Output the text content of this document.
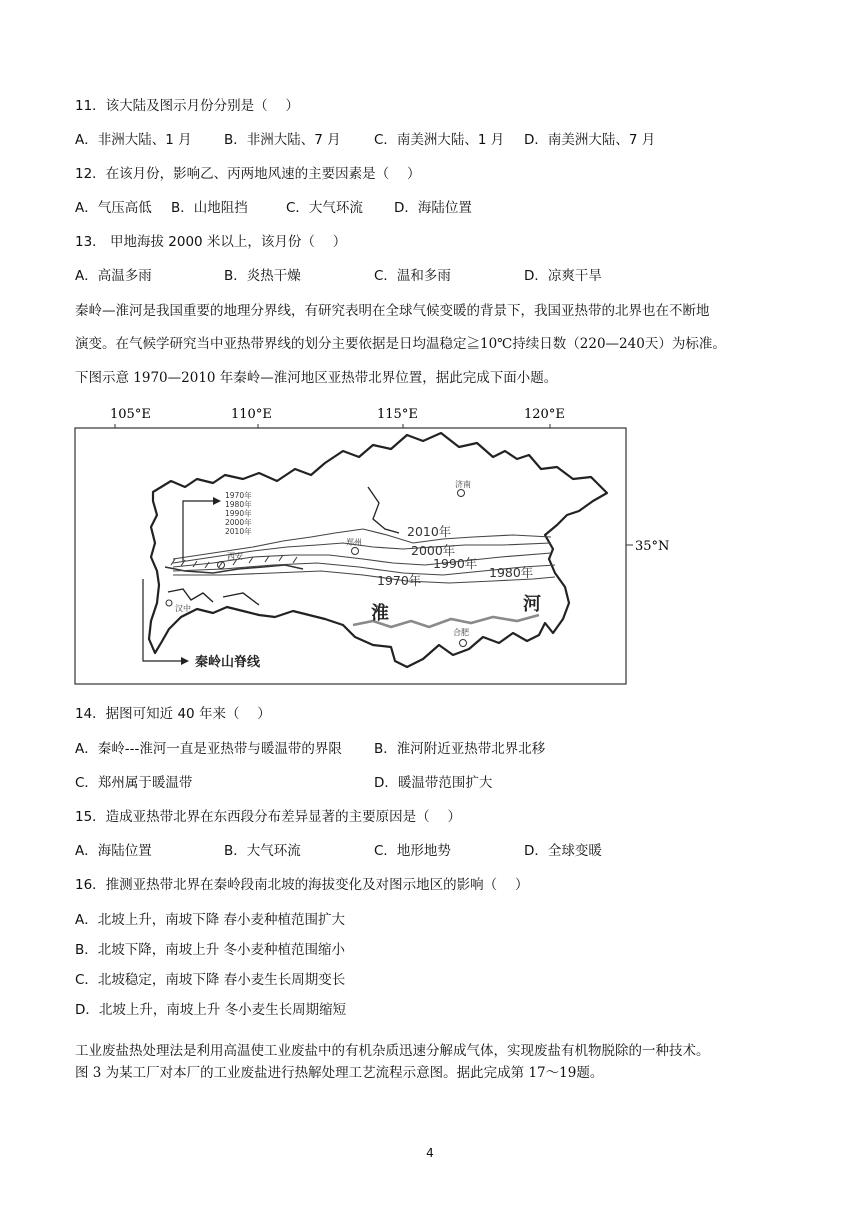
11．该大陆及图示月份分别是（　 ）
A．非洲大陆、1 月 B．非洲大陆、7 月 C．南美洲大陆、1 月 D．南美洲大陆、7 月
12．在该月份，影响乙、丙两地风速的主要因素是（　 ）
A．气压高低 B．山地阻挡	C．大气环流 D．海陆位置
13． 甲地海拔 2000 米以上，该月份（　 ）
A．高温多雨	B．炎热干燥	C．温和多雨	D．凉爽干旱
秦岭—淮河是我国重要的地理分界线，有研究表明在全球气候变暖的背景下，我国亚热带的北界也在不断地
演变。在气候学研究当中亚热带界线的划分主要依据是日均温稳定≧10℃持续日数（220—240天）为标准。
下图示意 1970—2010 年秦岭—淮河地区亚热带北界位置，据此完成下面小题。
105°E	110°E	115°E	120°E
35°N
2010年
2000年
1990年
1980年
1970年
淮	河
济南
郑州
西安
汉中
合肥
1970年
1980年
1990年
2000年
2010年
秦岭山脊线
14．据图可知近 40 年来（　 ）
A．秦岭---淮河一直是亚热带与暖温带的界限 B．淮河附近亚热带北界北移
C．郑州属于暖温带	D．暖温带范围扩大
15．造成亚热带北界在东西段分布差异显著的主要原因是（　 ）
A．海陆位置	B．大气环流	C．地形地势	D．全球变暖
16．推测亚热带北界在秦岭段南北坡的海拔变化及对图示地区的影响（　 ）
A．北坡上升，南坡下降 春小麦种植范围扩大
B．北坡下降，南坡上升 冬小麦种植范围缩小
C．北坡稳定，南坡下降 春小麦生长周期变长
D．北坡上升，南坡上升 冬小麦生长周期缩短
工业废盐热处理法是利用高温使工业废盐中的有机杂质迅速分解成气体，实现废盐有机物脱除的一种技术。
图 3 为某工厂对本厂的工业废盐进行热解处理工艺流程示意图。据此完成第 17～19题。
4
